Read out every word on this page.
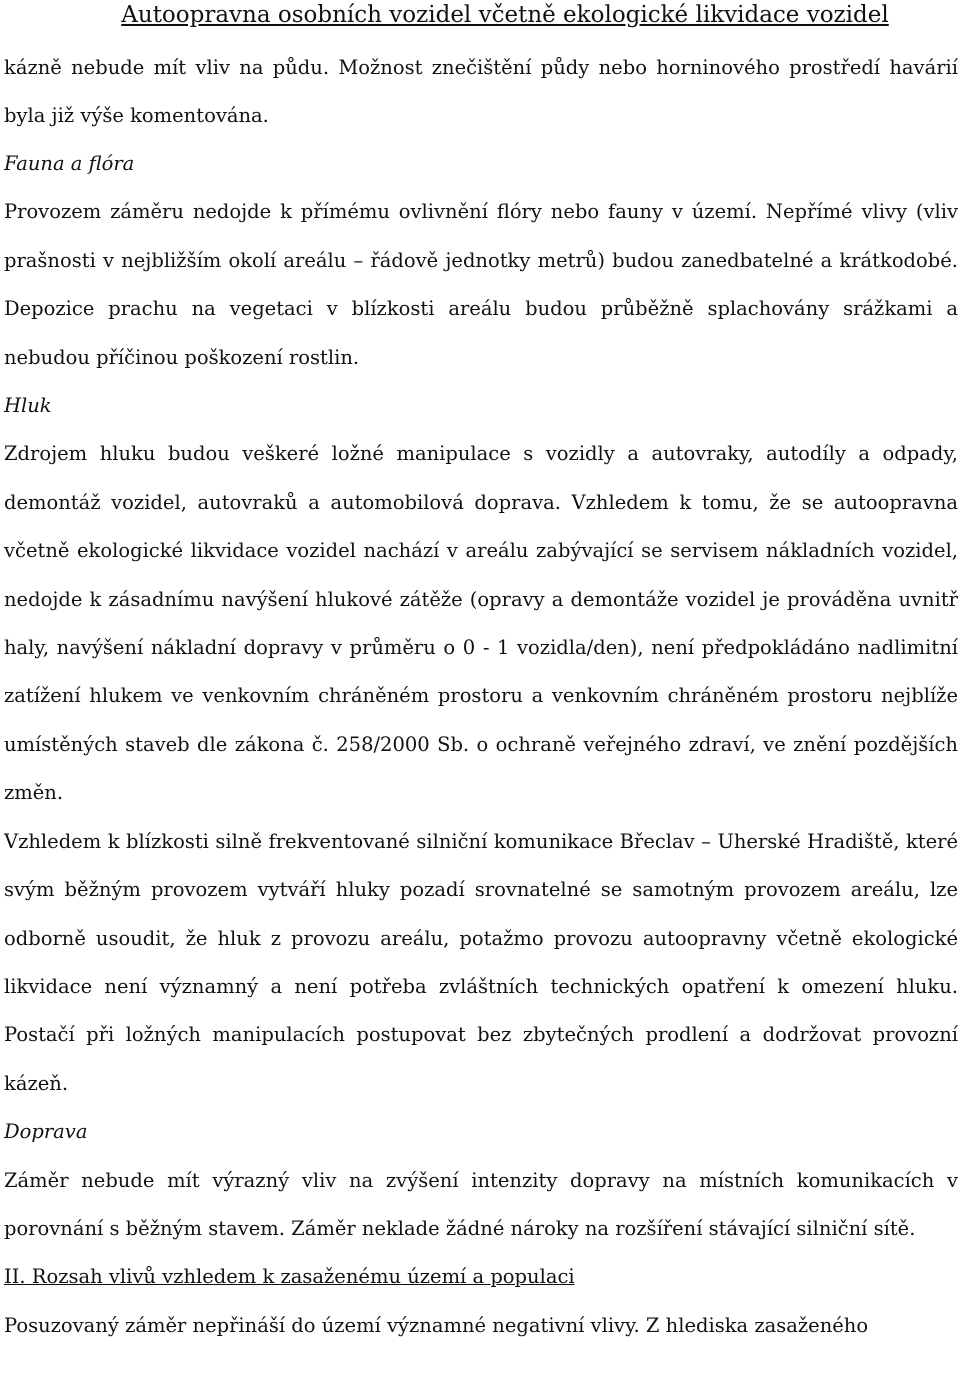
Autoopravna osobních vozidel včetně ekologické likvidace vozidel

kázně nebude mít vliv na půdu. Možnost znečištění půdy nebo horninového prostředí havárií byla již výše komentována.

Fauna a flóra

Provozem záměru nedojde k přímému ovlivnění flóry nebo fauny v území. Nepřímé vlivy (vliv prašnosti v nejbližším okolí areálu – řádově jednotky metrů) budou zanedbatelné a krátkodobé. Depozice prachu na vegetaci v blízkosti areálu budou průběžně splachovány srážkami a nebudou příčinou poškození rostlin.

Hluk

Zdrojem hluku budou veškeré ložné manipulace s vozidly a autovraky, autodíly a odpady, demontáž vozidel, autovraků a automobilová doprava. Vzhledem k tomu, že se autoopravna včetně ekologické likvidace vozidel nachází v areálu zabývající se servisem nákladních vozidel, nedojde k zásadnímu navýšení hlukové zátěže (opravy a demontáže vozidel je prováděna uvnitř haly, navýšení nákladní dopravy v průměru o 0 - 1 vozidla/den), není předpokládáno nadlimitní zatížení hlukem ve venkovním chráněném prostoru a venkovním chráněném prostoru nejblíže umístěných staveb dle zákona č. 258/2000 Sb. o ochraně veřejného zdraví, ve znění pozdějších změn.

Vzhledem k blízkosti silně frekventované silniční komunikace Břeclav – Uherské Hradiště, které svým běžným provozem vytváří hluky pozadí srovnatelné se samotným provozem areálu, lze odborně usoudit, že hluk z provozu areálu, potažmo provozu autoopravny včetně ekologické likvidace není významný a není potřeba zvláštních technických opatření k omezení hluku. Postačí při ložných manipulacích postupovat bez zbytečných prodlení a dodržovat provozní kázeň.

Doprava

Záměr nebude mít výrazný vliv na zvýšení intenzity dopravy na místních komunikacích v porovnání s běžným stavem. Záměr neklade žádné nároky na rozšíření stávající silniční sítě.

II. Rozsah vlivů vzhledem k zasaženému území a populaci

Posuzovaný záměr nepřináší do území významné negativní vlivy. Z hlediska zasaženého
